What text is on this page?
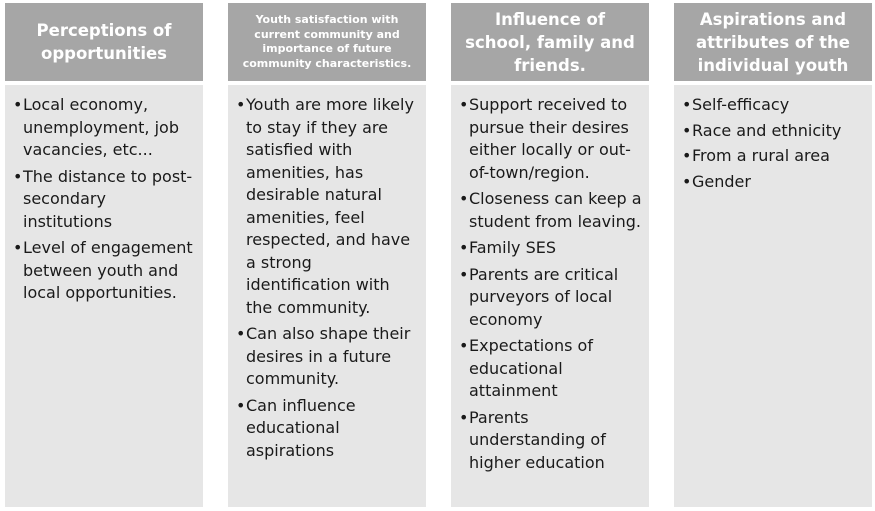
Perceptions of opportunities
• Local economy, unemployment, job vacancies, etc...
• The distance to post-secondary institutions
• Level of engagement between youth and local opportunities.
Youth satisfaction with current community and importance of future community characteristics.
• Youth are more likely to stay if they are satisfied with amenities, has desirable natural amenities, feel respected, and have a strong identification with the community.
• Can also shape their desires in a future community.
• Can influence educational aspirations
Influence of school, family and friends.
• Support received to pursue their desires either locally or out-of-town/region.
• Closeness can keep a student from leaving.
• Family SES
• Parents are critical purveyors of local economy
• Expectations of educational attainment
• Parents understanding of higher education
Aspirations and attributes of the individual youth
• Self-efficacy
• Race and ethnicity
• From a rural area
• Gender
